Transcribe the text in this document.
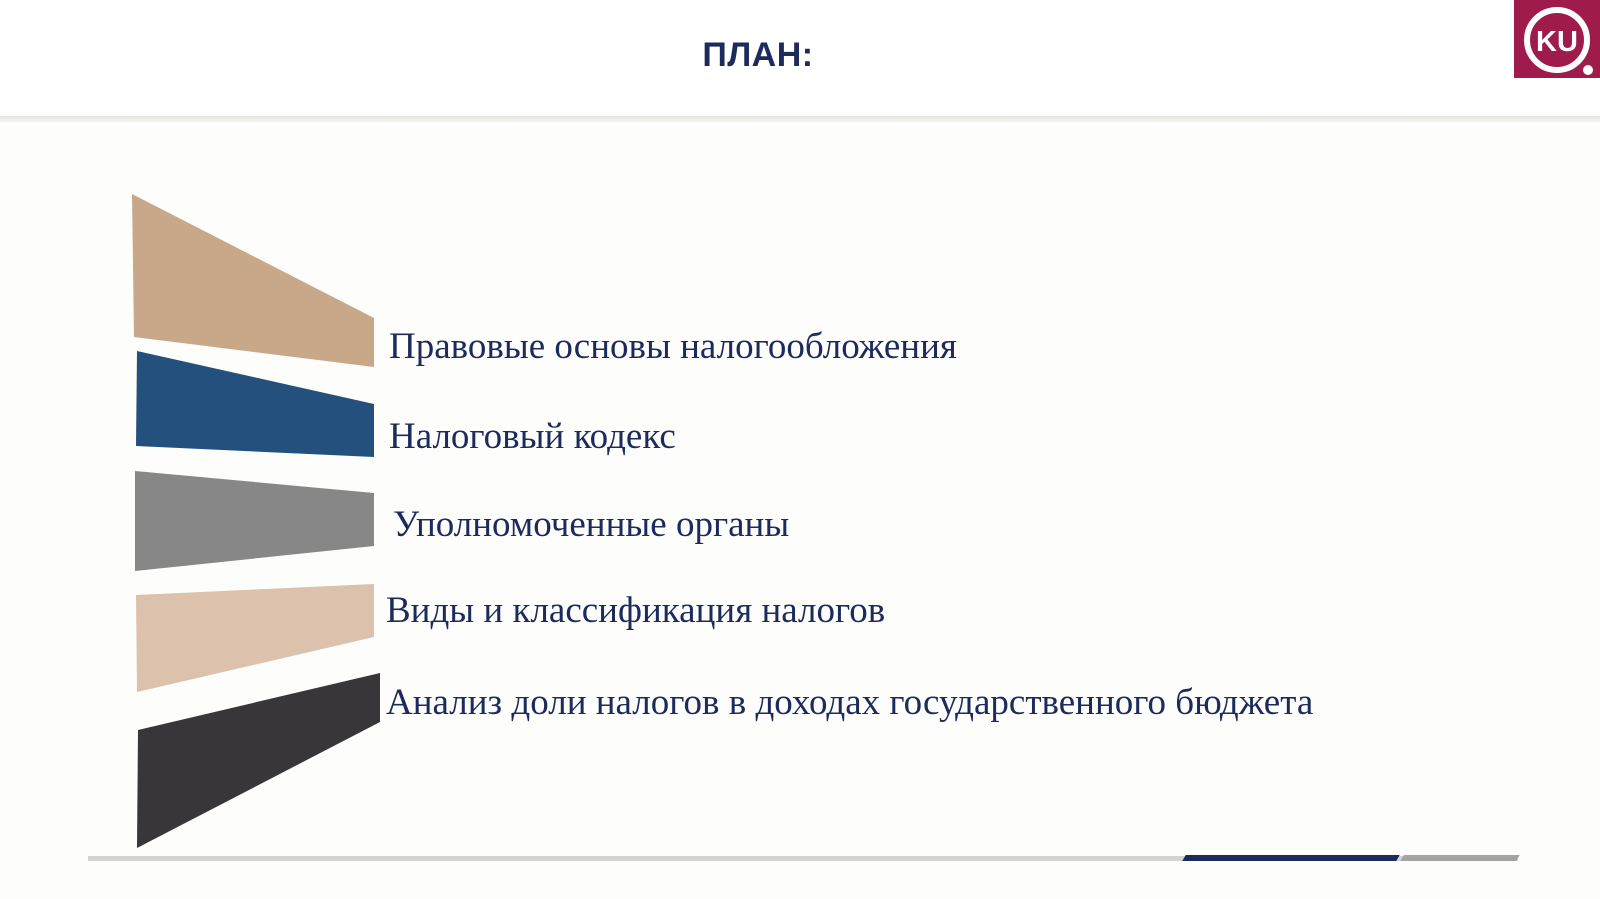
ПЛАН:	KU
Правовые основы налогообложения
Налоговый кодекс
Уполномоченные органы
Виды и классификация налогов
Анализ доли налогов в доходах государственного бюджета
